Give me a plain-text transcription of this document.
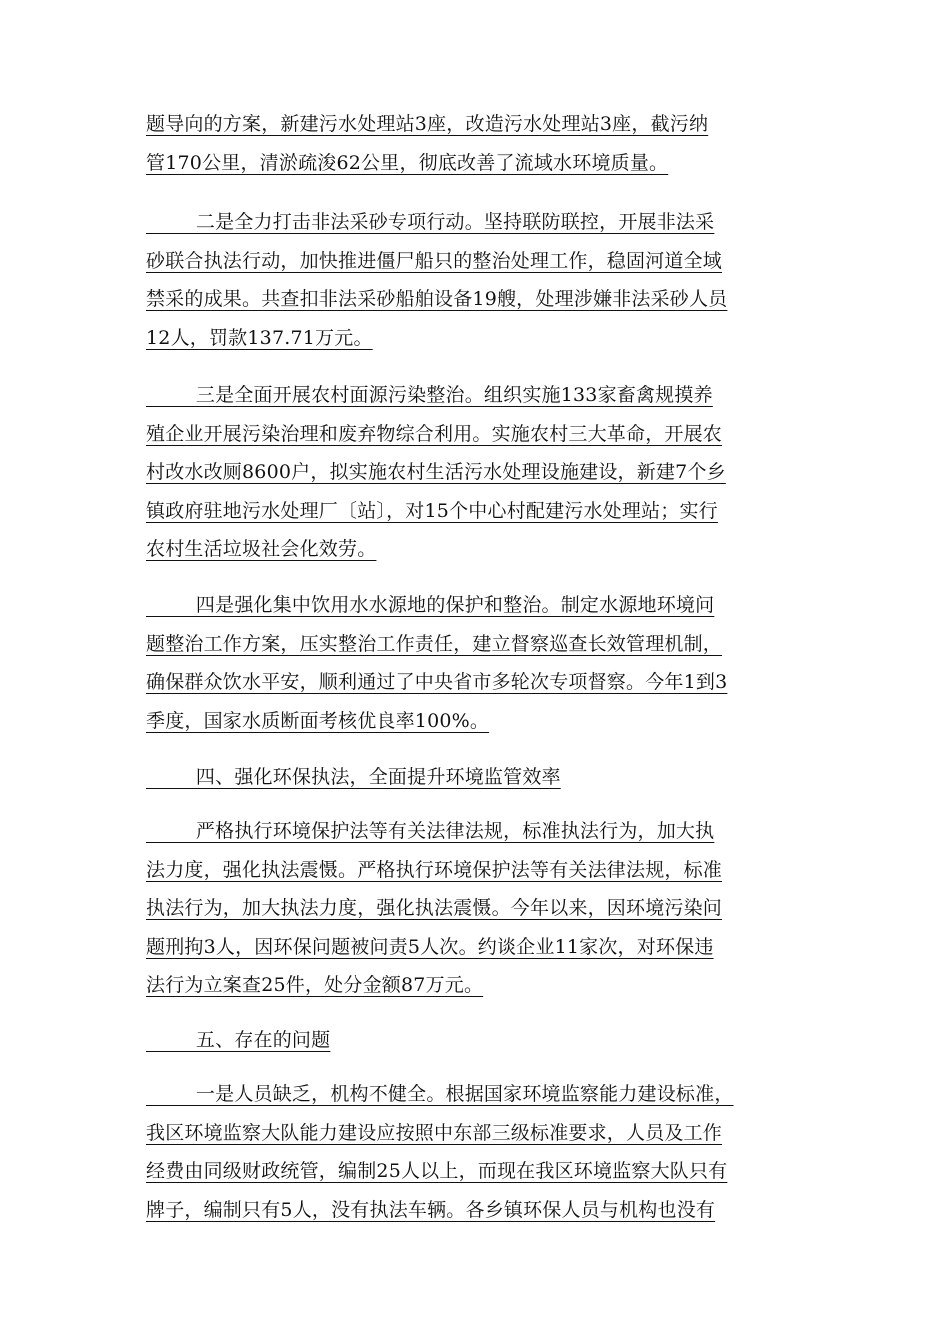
题导向的方案，新建污水处理站3座，改造污水处理站3座，截污纳
管170公里，清淤疏浚62公里，彻底改善了流域水环境质量。
二是全力打击非法采砂专项行动。坚持联防联控，开展非法采
砂联合执法行动，加快推进僵尸船只的整治处理工作，稳固河道全域
禁采的成果。共查扣非法采砂船舶设备19艘，处理涉嫌非法采砂人员
12人，罚款137.71万元。
三是全面开展农村面源污染整治。组织实施133家畜禽规摸养
殖企业开展污染治理和废弃物综合利用。实施农村三大革命，开展农
村改水改厕8600户，拟实施农村生活污水处理设施建设，新建7个乡
镇政府驻地污水处理厂〔站〕，对15个中心村配建污水处理站；实行
农村生活垃圾社会化效劳。
四是强化集中饮用水水源地的保护和整治。制定水源地环境问
题整治工作方案，压实整治工作责任，建立督察巡查长效管理机制，
确保群众饮水平安，顺利通过了中央省市多轮次专项督察。今年1到3
季度，国家水质断面考核优良率100%。
四、强化环保执法，全面提升环境监管效率
严格执行环境保护法等有关法律法规，标准执法行为，加大执
法力度，强化执法震慑。严格执行环境保护法等有关法律法规，标准
执法行为，加大执法力度，强化执法震慑。今年以来，因环境污染问
题刑拘3人，因环保问题被问责5人次。约谈企业11家次，对环保违
法行为立案查25件，处分金额87万元。
五、存在的问题
一是人员缺乏，机构不健全。根据国家环境监察能力建设标准，
我区环境监察大队能力建设应按照中东部三级标准要求，人员及工作
经费由同级财政统管，编制25人以上，而现在我区环境监察大队只有
牌子，编制只有5人，没有执法车辆。各乡镇环保人员与机构也没有
